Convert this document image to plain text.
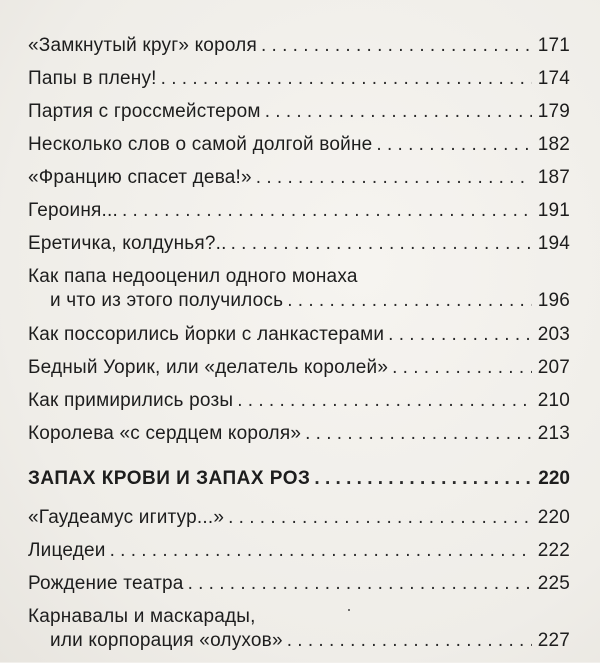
«Замкнутый круг» короля . . .	171
Папы в плену! . . .	174
Партия с гроссмейстером . . .	179
Несколько слов о самой долгой войне . . .	182
«Францию спасет дева!» . . .	187
Героиня... . . .	191
Еретичка, колдунья?.. . . .	194
Как папа недооценил одного монаха
и что из этого получилось . . .	196
Как поссорились йорки с ланкастерами . . .	203
Бедный Уорик, или «делатель королей» . . .	207
Как примирились розы . . .	210
Королева «с сердцем короля» . . .	213
ЗАПАХ КРОВИ И ЗАПАХ РОЗ . . .	220
«Гаудеамус игитур...» . . .	220
Лицедеи . . .	222
Рождение театра . . .	225
Карнавалы и маскарады,
или корпорация «олухов» . . .	227
